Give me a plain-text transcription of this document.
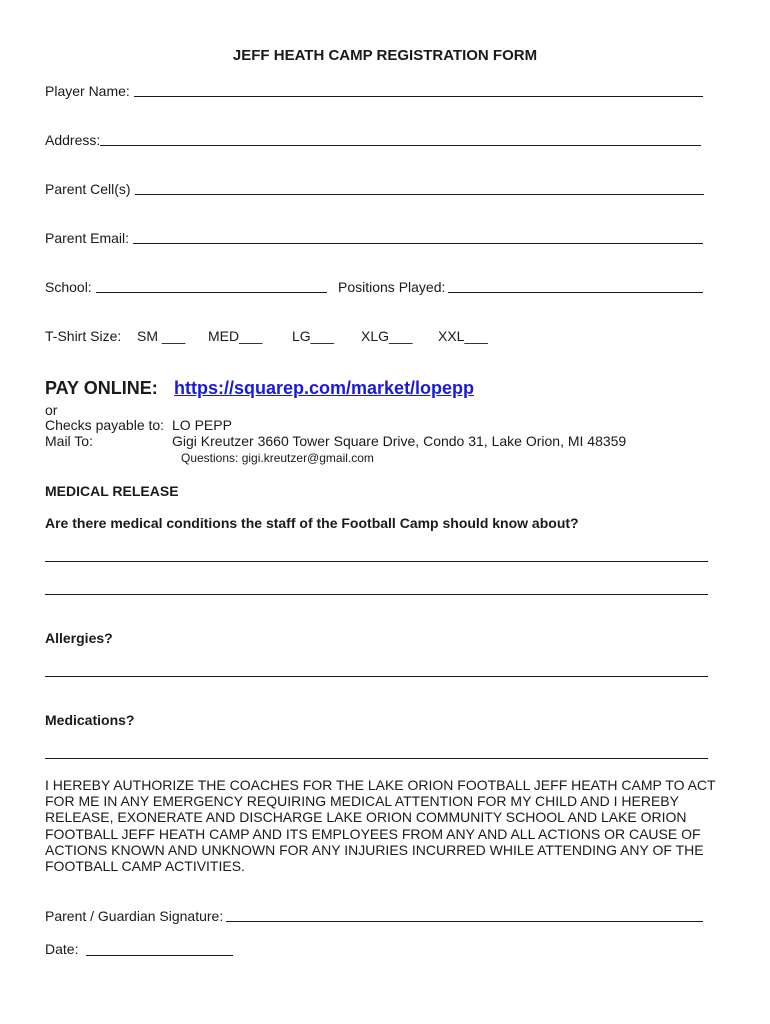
JEFF HEATH CAMP REGISTRATION FORM
Player Name:
Address:
Parent Cell(s)
Parent Email:
School:	Positions Played:
T-Shirt Size: SM ___ MED___ LG___ XLG___ XXL___
PAY ONLINE: https://squarep.com/market/lopepp
or
Checks payable to: LO PEPP
Mail To:	Gigi Kreutzer 3660 Tower Square Drive, Condo 31, Lake Orion, MI 48359
Questions: gigi.kreutzer@gmail.com
MEDICAL RELEASE
Are there medical conditions the staff of the Football Camp should know about?
Allergies?
Medications?
I HEREBY AUTHORIZE THE COACHES FOR THE LAKE ORION FOOTBALL JEFF HEATH CAMP TO ACT FOR ME IN ANY EMERGENCY REQUIRING MEDICAL ATTENTION FOR MY CHILD AND I HEREBY RELEASE, EXONERATE AND DISCHARGE LAKE ORION COMMUNITY SCHOOL AND LAKE ORION FOOTBALL JEFF HEATH CAMP AND ITS EMPLOYEES FROM ANY AND ALL ACTIONS OR CAUSE OF ACTIONS KNOWN AND UNKNOWN FOR ANY INJURIES INCURRED WHILE ATTENDING ANY OF THE FOOTBALL CAMP ACTIVITIES.
Parent / Guardian Signature:
Date:
